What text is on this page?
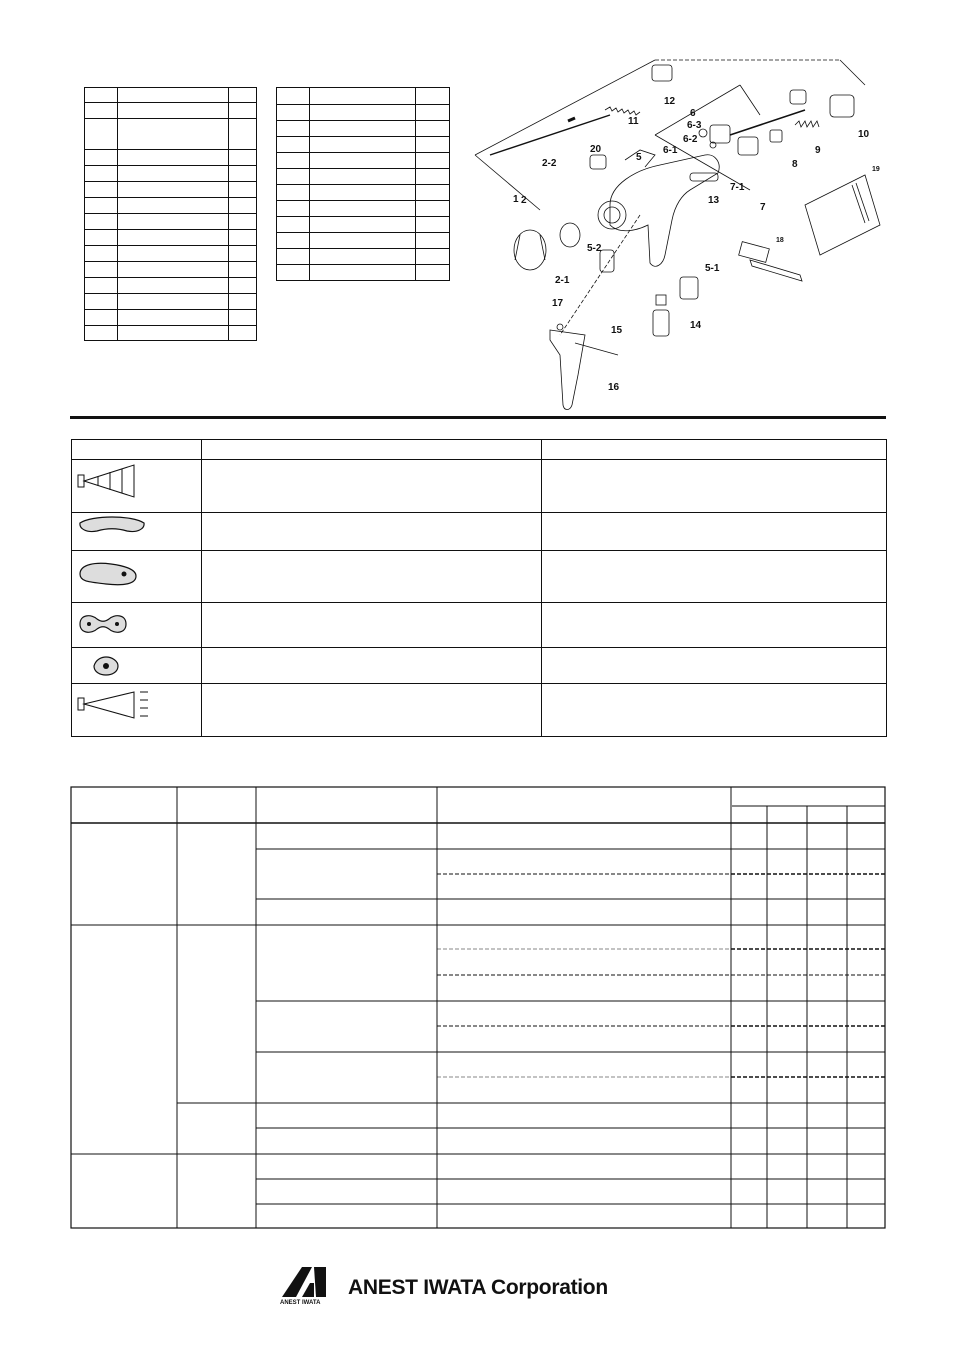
1 2
2-1
2-2
5
5-1
5-2
6
6-1
6-2
6-3
7
7-1
8
9
10
11
12
13
14
15
16
17
18
19
20

ANEST IWATA
ANEST IWATA Corporation
